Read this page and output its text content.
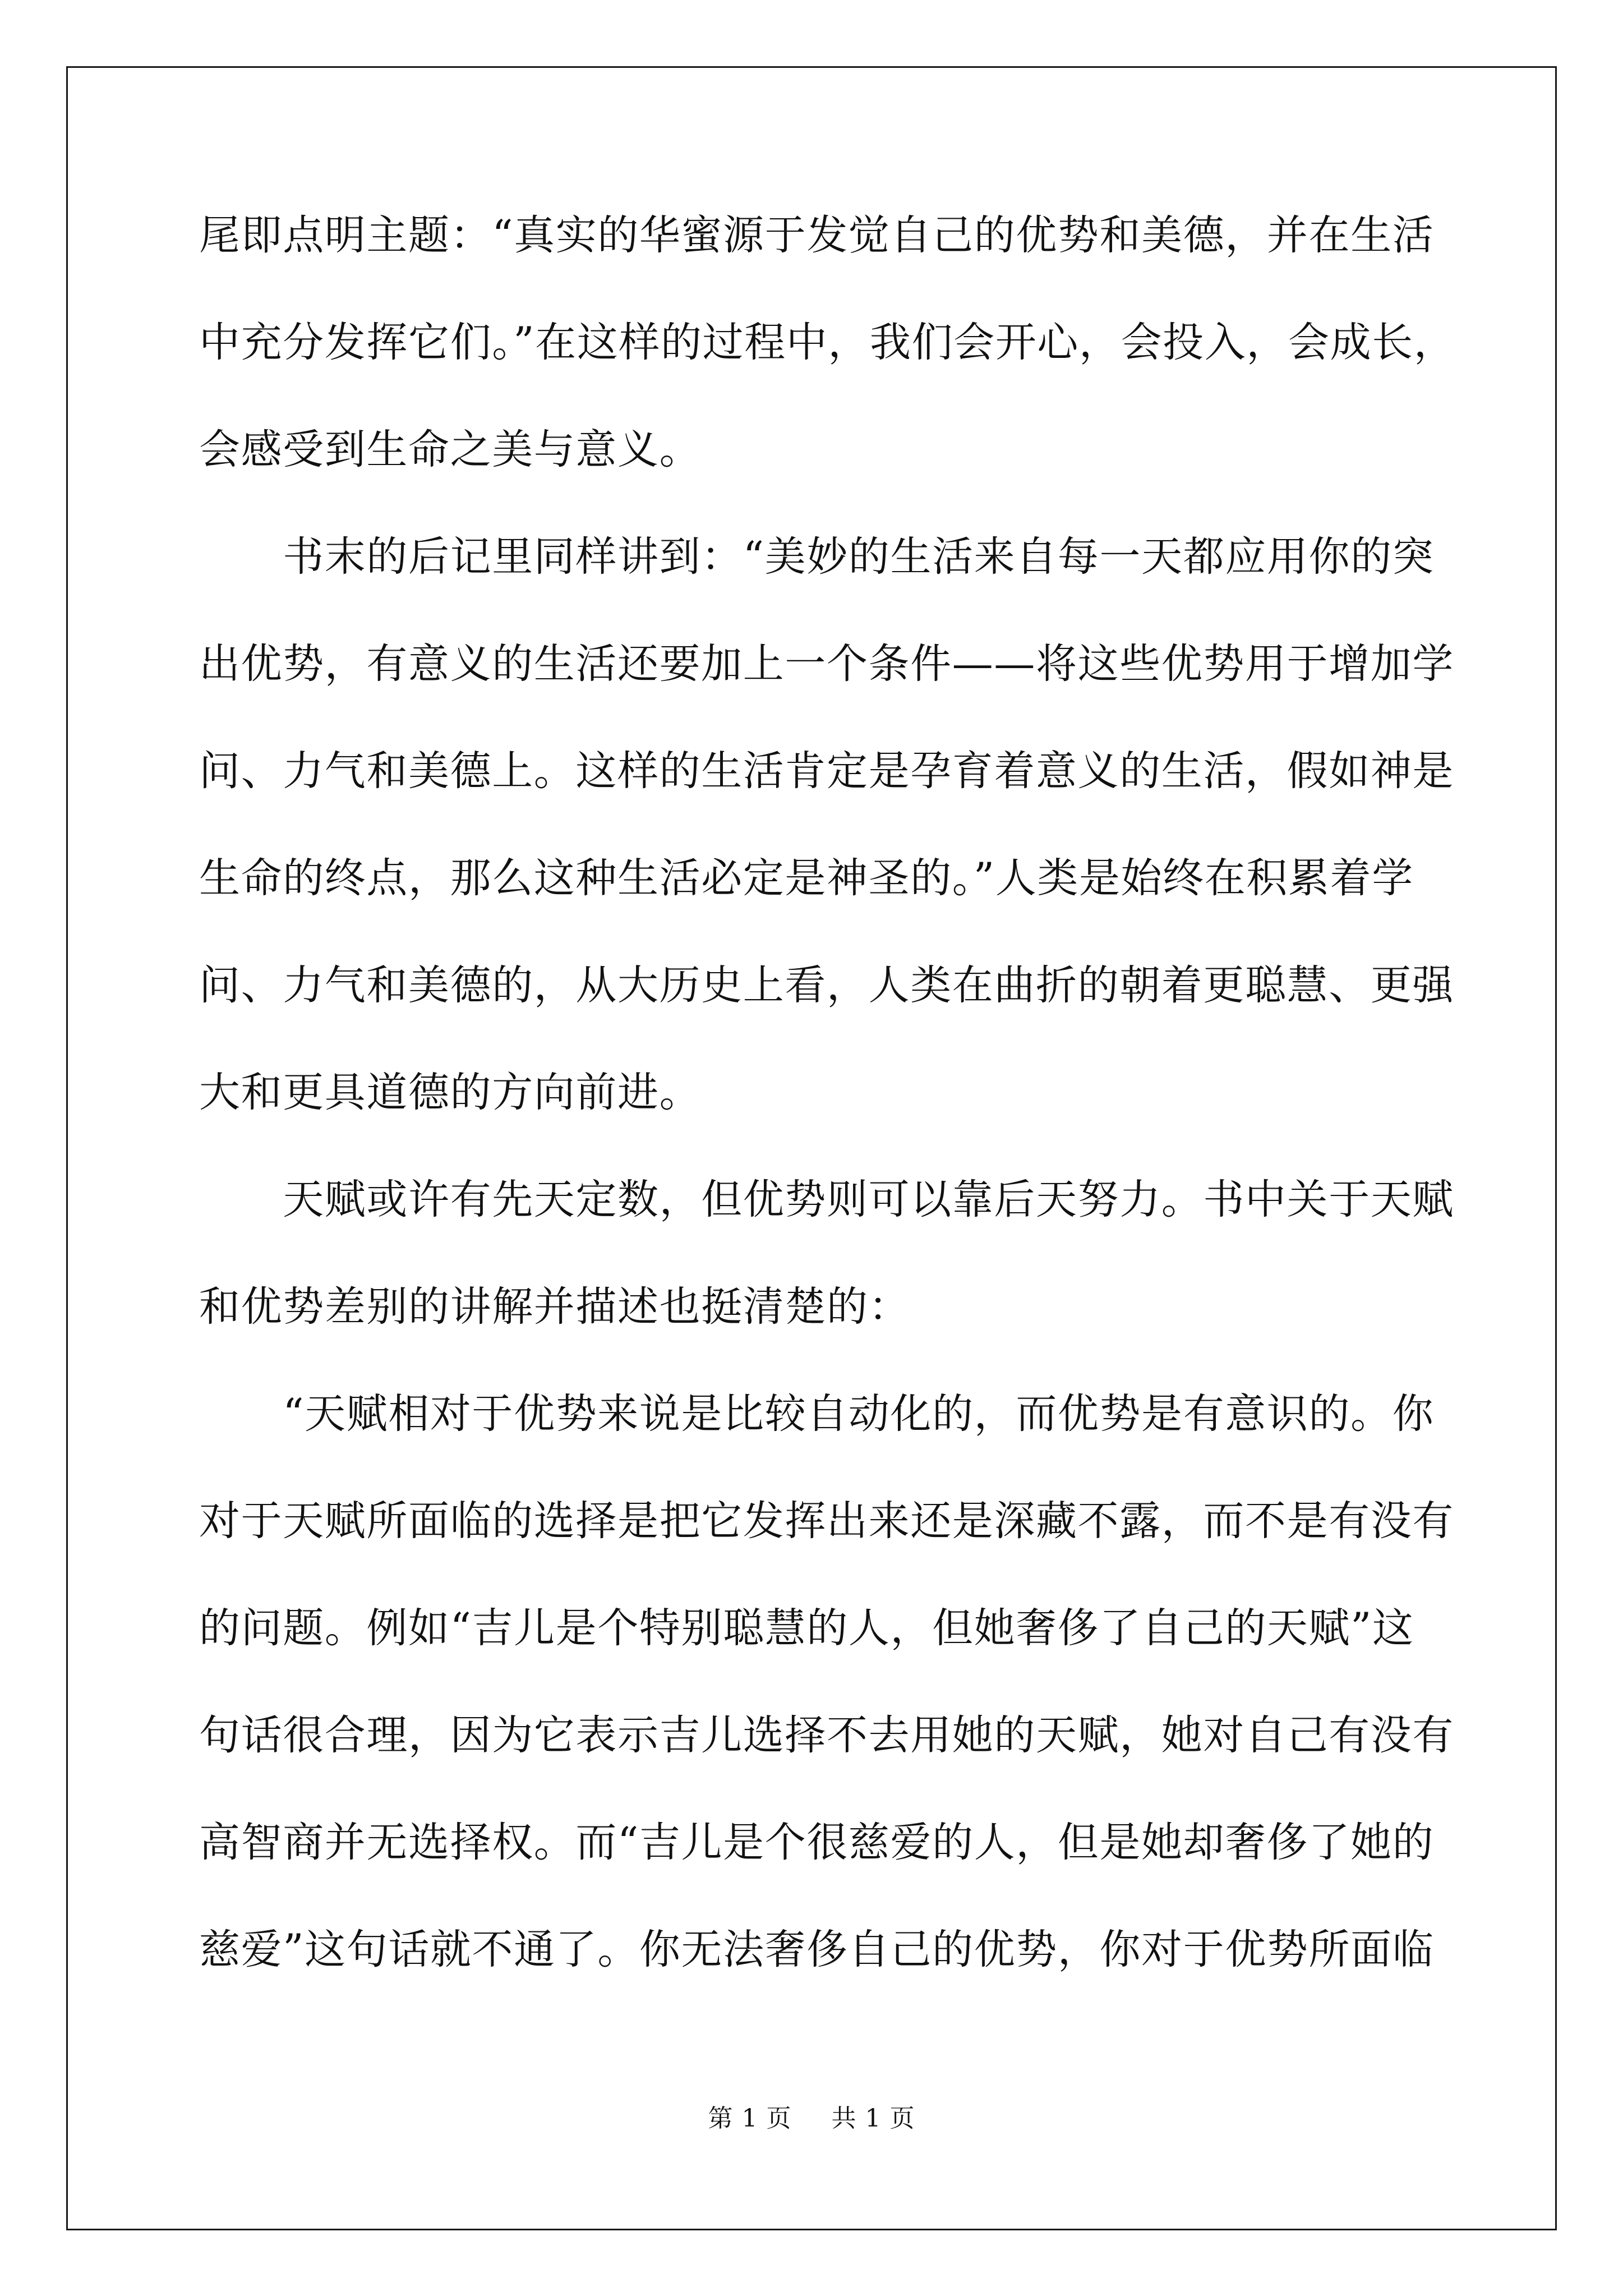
尾即点明主题：“真实的华蜜源于发觉自己的优势和美德，并在生活
中充分发挥它们。”在这样的过程中，我们会开心，会投入，会成长，
会感受到生命之美与意义。
　　书末的后记里同样讲到：“美妙的生活来自每一天都应用你的突
出优势，有意义的生活还要加上一个条件——将这些优势用于增加学
问、力气和美德上。这样的生活肯定是孕育着意义的生活，假如神是
生命的终点，那么这种生活必定是神圣的。”人类是始终在积累着学
问、力气和美德的，从大历史上看，人类在曲折的朝着更聪慧、更强
大和更具道德的方向前进。
　　天赋或许有先天定数，但优势则可以靠后天努力。书中关于天赋
和优势差别的讲解并描述也挺清楚的：
　　“天赋相对于优势来说是比较自动化的，而优势是有意识的。你
对于天赋所面临的选择是把它发挥出来还是深藏不露，而不是有没有
的问题。例如“吉儿是个特别聪慧的人，但她奢侈了自己的天赋”这
句话很合理，因为它表示吉儿选择不去用她的天赋，她对自己有没有
高智商并无选择权。而“吉儿是个很慈爱的人，但是她却奢侈了她的
慈爱”这句话就不通了。你无法奢侈自己的优势，你对于优势所面临
第 1 页 共 1 页
